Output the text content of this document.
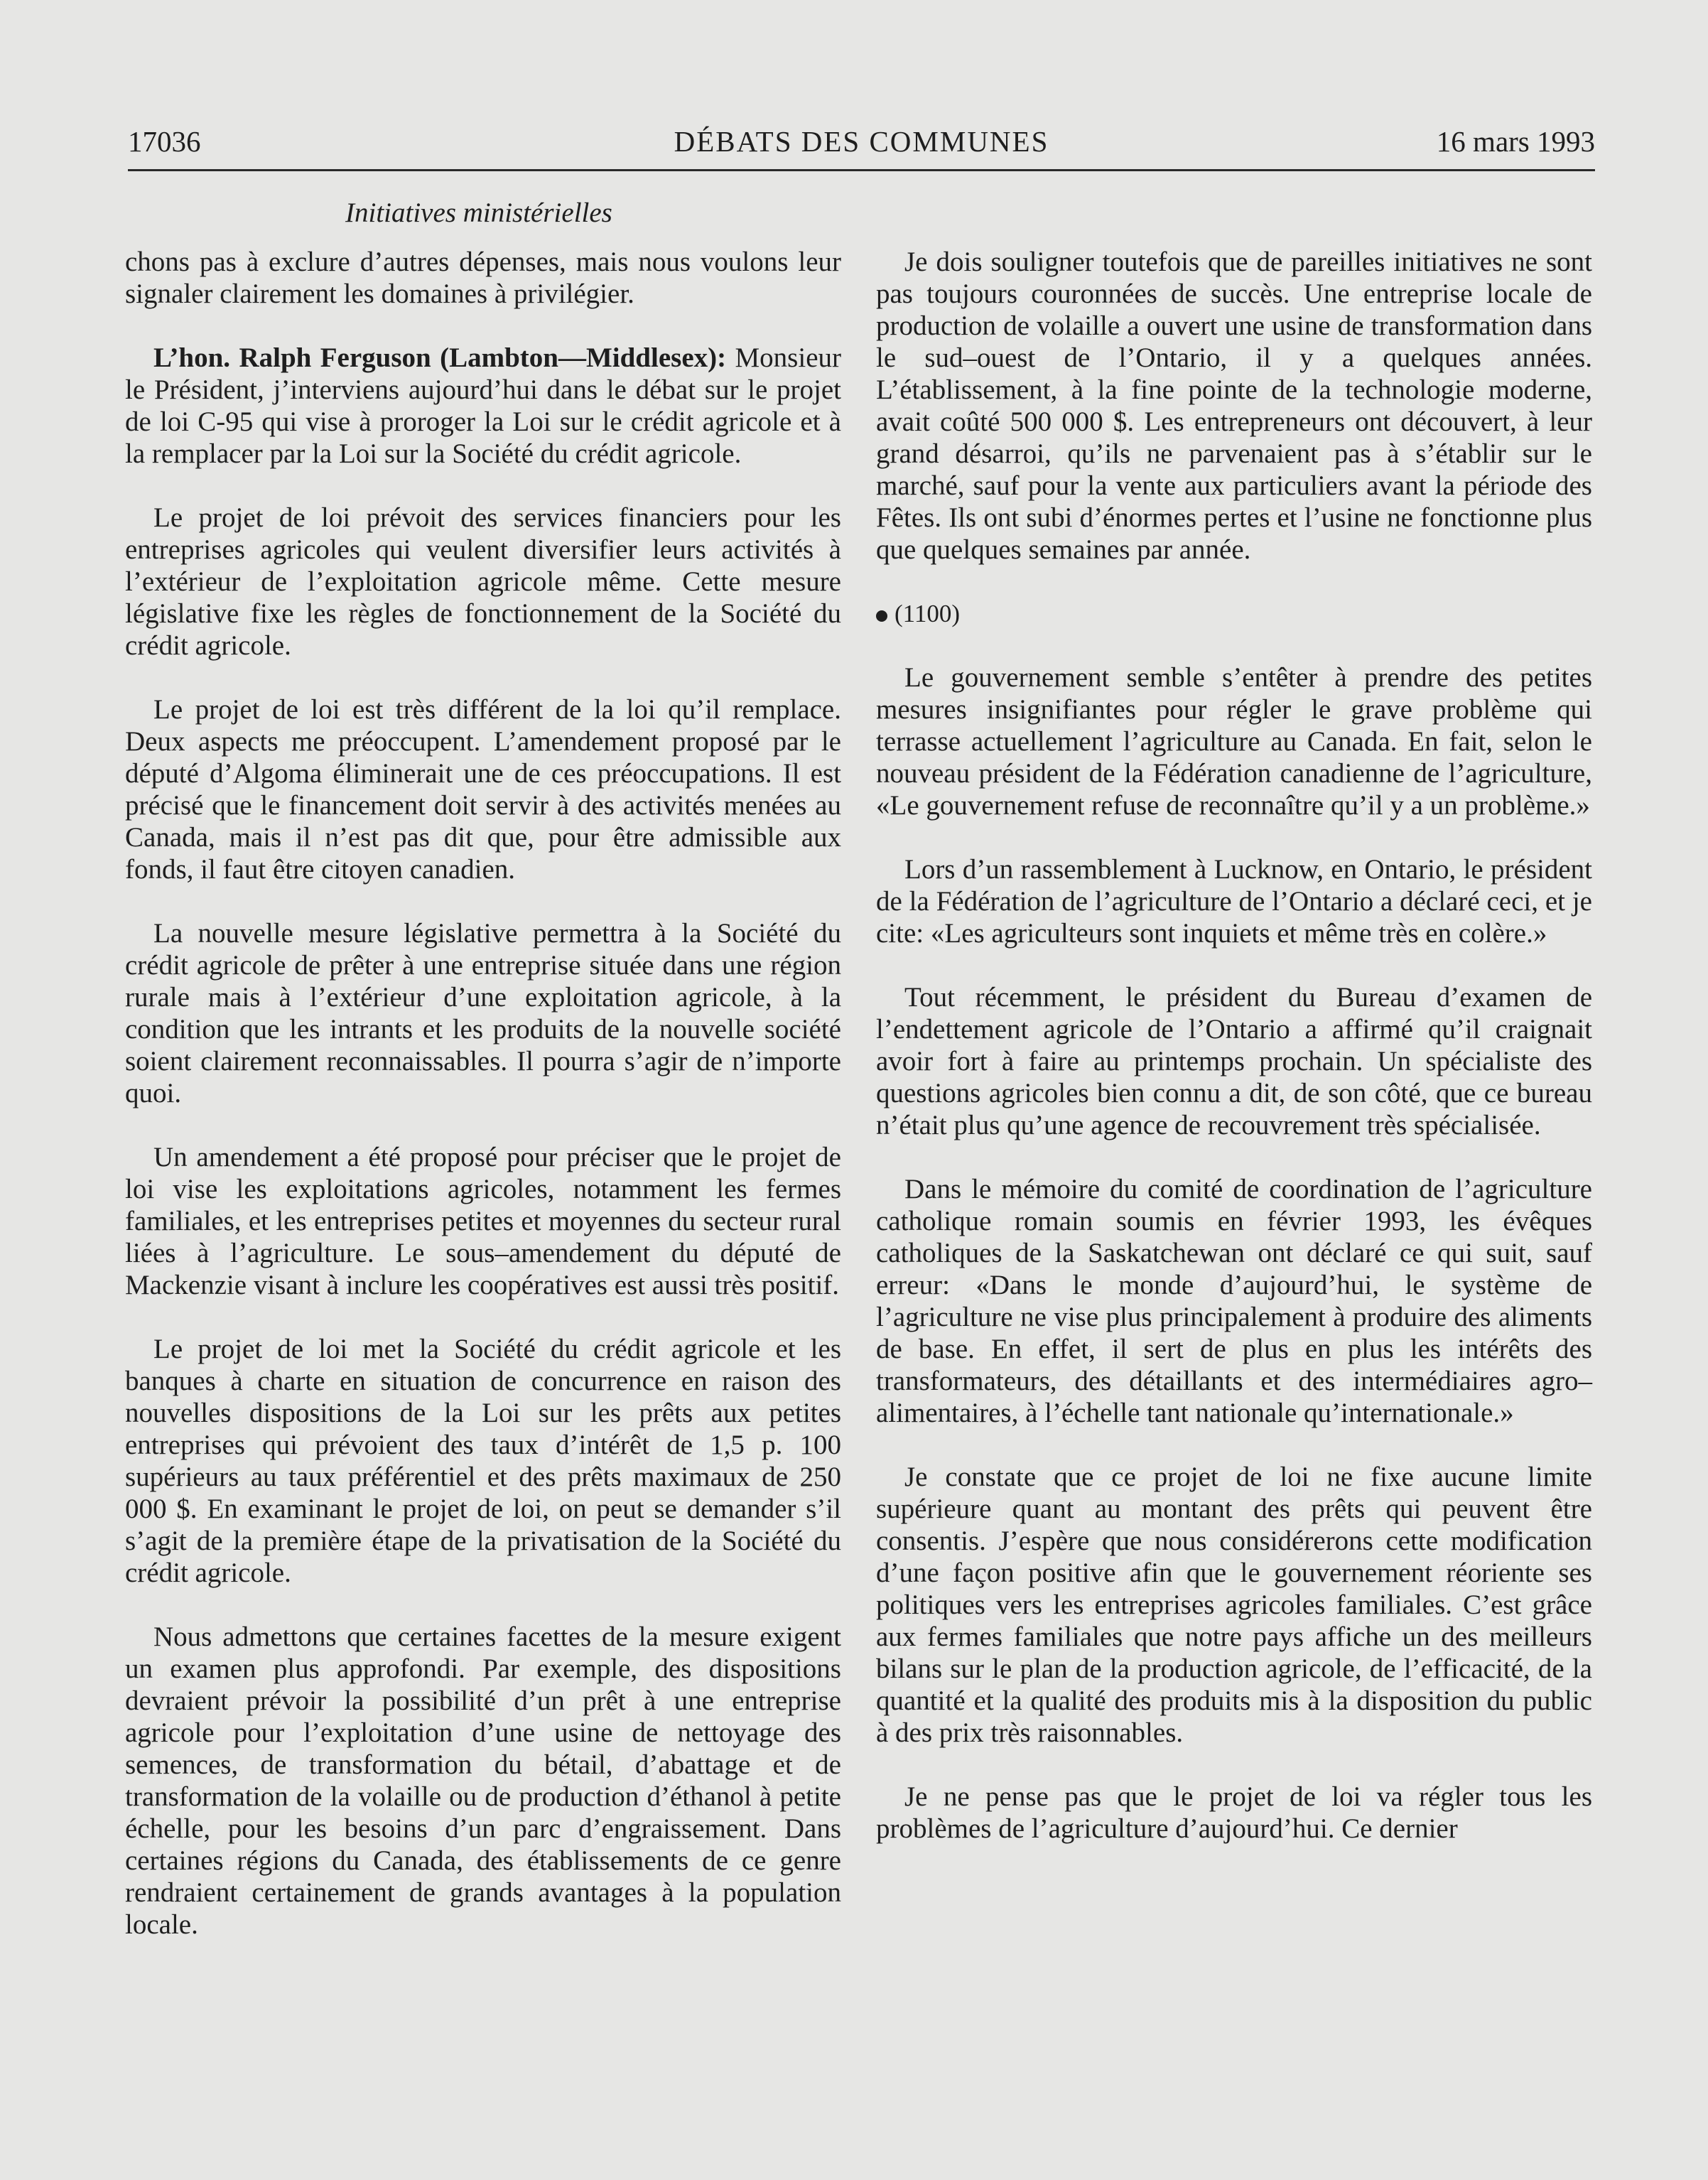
17036	DÉBATS DES COMMUNES	16 mars 1993
Initiatives ministérielles

chons pas à exclure d’autres dépenses, mais nous voulons leur signaler clairement les domaines à privilégier.

L’hon. Ralph Ferguson (Lambton—Middlesex): Monsieur le Président, j’interviens aujourd’hui dans le débat sur le projet de loi C-95 qui vise à proroger la Loi sur le crédit agricole et à la remplacer par la Loi sur la Société du crédit agricole.

Le projet de loi prévoit des services financiers pour les entreprises agricoles qui veulent diversifier leurs activités à l’extérieur de l’exploitation agricole même. Cette mesure législative fixe les règles de fonctionnement de la Société du crédit agricole.

Le projet de loi est très différent de la loi qu’il remplace. Deux aspects me préoccupent. L’amendement proposé par le député d’Algoma éliminerait une de ces préoccupations. Il est précisé que le financement doit servir à des activités menées au Canada, mais il n’est pas dit que, pour être admissible aux fonds, il faut être citoyen canadien.

La nouvelle mesure législative permettra à la Société du crédit agricole de prêter à une entreprise située dans une région rurale mais à l’extérieur d’une exploitation agricole, à la condition que les intrants et les produits de la nouvelle société soient clairement reconnaissables. Il pourra s’agir de n’importe quoi.

Un amendement a été proposé pour préciser que le projet de loi vise les exploitations agricoles, notamment les fermes familiales, et les entreprises petites et moyennes du secteur rural liées à l’agriculture. Le sous–amendement du député de Mackenzie visant à inclure les coopératives est aussi très positif.

Le projet de loi met la Société du crédit agricole et les banques à charte en situation de concurrence en raison des nouvelles dispositions de la Loi sur les prêts aux petites entreprises qui prévoient des taux d’intérêt de 1,5 p. 100 supérieurs au taux préférentiel et des prêts maximaux de 250 000 $. En examinant le projet de loi, on peut se demander s’il s’agit de la première étape de la privatisation de la Société du crédit agricole.

Nous admettons que certaines facettes de la mesure exigent un examen plus approfondi. Par exemple, des dispositions devraient prévoir la possibilité d’un prêt à une entreprise agricole pour l’exploitation d’une usine de nettoyage des semences, de transformation du bétail, d’abattage et de transformation de la volaille ou de production d’éthanol à petite échelle, pour les besoins d’un parc d’engraissement. Dans certaines régions du Canada, des établissements de ce genre rendraient certainement de grands avantages à la population locale.

Je dois souligner toutefois que de pareilles initiatives ne sont pas toujours couronnées de succès. Une entreprise locale de production de volaille a ouvert une usine de transformation dans le sud–ouest de l’Ontario, il y a quelques années. L’établissement, à la fine pointe de la technologie moderne, avait coûté 500 000 $. Les entrepreneurs ont découvert, à leur grand désarroi, qu’ils ne parvenaient pas à s’établir sur le marché, sauf pour la vente aux particuliers avant la période des Fêtes. Ils ont subi d’énormes pertes et l’usine ne fonctionne plus que quelques semaines par année.

(1100)

Le gouvernement semble s’entêter à prendre des petites mesures insignifiantes pour régler le grave problème qui terrasse actuellement l’agriculture au Canada. En fait, selon le nouveau président de la Fédération canadienne de l’agriculture, «Le gouvernement refuse de reconnaître qu’il y a un problème.»

Lors d’un rassemblement à Lucknow, en Ontario, le président de la Fédération de l’agriculture de l’Ontario a déclaré ceci, et je cite: «Les agriculteurs sont inquiets et même très en colère.»

Tout récemment, le président du Bureau d’examen de l’endettement agricole de l’Ontario a affirmé qu’il craignait avoir fort à faire au printemps prochain. Un spécialiste des questions agricoles bien connu a dit, de son côté, que ce bureau n’était plus qu’une agence de recouvrement très spécialisée.

Dans le mémoire du comité de coordination de l’agriculture catholique romain soumis en février 1993, les évêques catholiques de la Saskatchewan ont déclaré ce qui suit, sauf erreur: «Dans le monde d’aujourd’hui, le système de l’agriculture ne vise plus principalement à produire des aliments de base. En effet, il sert de plus en plus les intérêts des transformateurs, des détaillants et des intermédiaires agro–alimentaires, à l’échelle tant nationale qu’internationale.»

Je constate que ce projet de loi ne fixe aucune limite supérieure quant au montant des prêts qui peuvent être consentis. J’espère que nous considérerons cette modification d’une façon positive afin que le gouvernement réoriente ses politiques vers les entreprises agricoles familiales. C’est grâce aux fermes familiales que notre pays affiche un des meilleurs bilans sur le plan de la production agricole, de l’efficacité, de la quantité et la qualité des produits mis à la disposition du public à des prix très raisonnables.

Je ne pense pas que le projet de loi va régler tous les problèmes de l’agriculture d’aujourd’hui. Ce dernier
